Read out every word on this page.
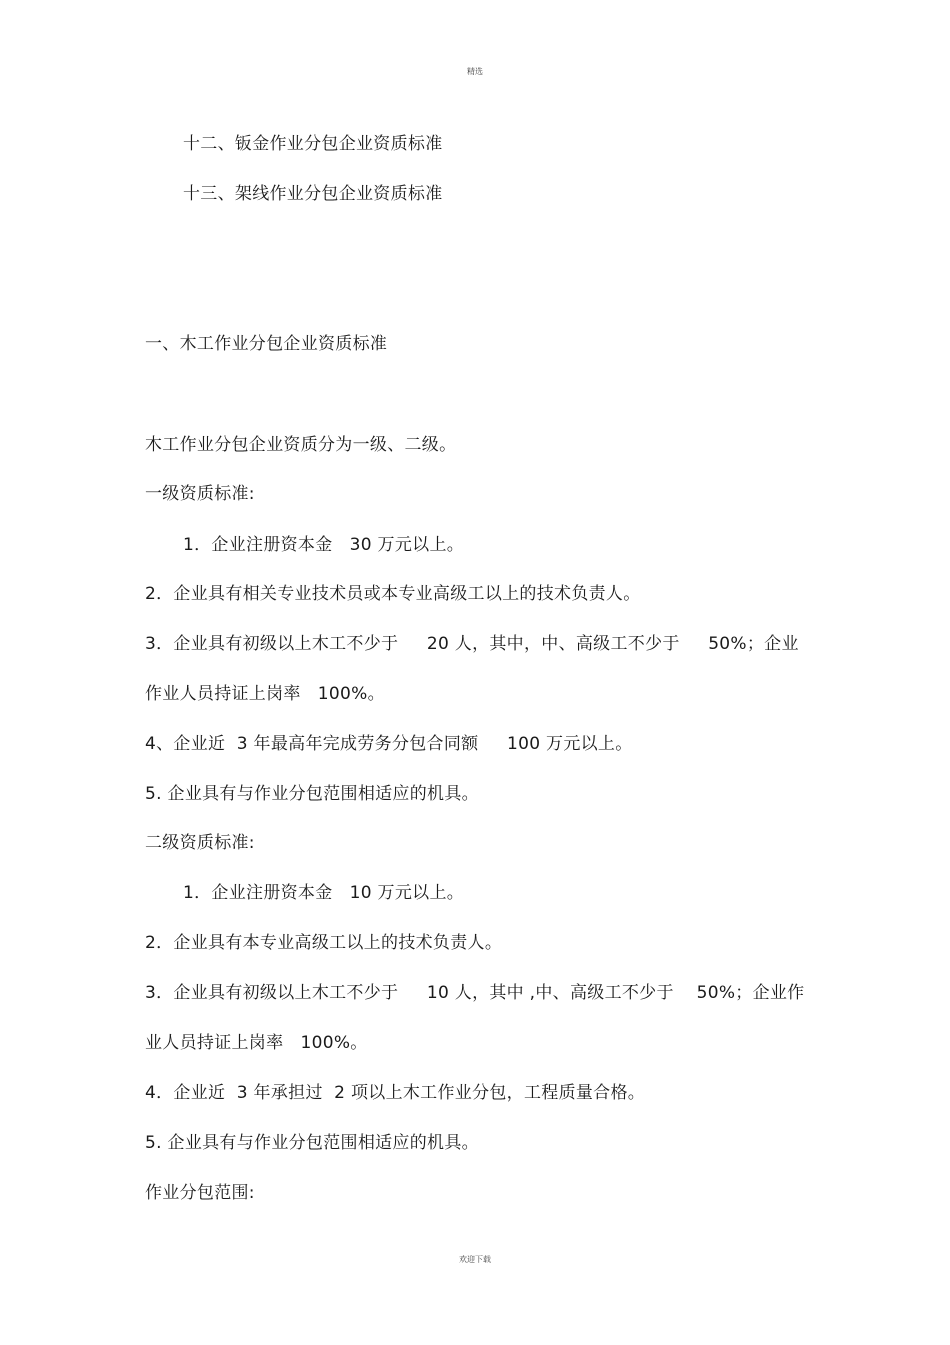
精选
十二、钣金作业分包企业资质标准
十三、架线作业分包企业资质标准
一、木工作业分包企业资质标准
木工作业分包企业资质分为一级、二级。
一级资质标准:
1．企业注册资本金   30 万元以上。
2．企业具有相关专业技术员或本专业高级工以上的技术负责人。
3．企业具有初级以上木工不少于     20 人，其中，中、高级工不少于     50%；企业
作业人员持证上岗率   100%。
4、企业近  3 年最高年完成劳务分包合同额     100 万元以上。
5. 企业具有与作业分包范围相适应的机具。
二级资质标准:
1．企业注册资本金   10 万元以上。
2．企业具有本专业高级工以上的技术负责人。
3．企业具有初级以上木工不少于     10 人，其中 ,中、高级工不少于    50%；企业作
业人员持证上岗率   100%。
4．企业近  3 年承担过  2 项以上木工作业分包，工程质量合格。
5. 企业具有与作业分包范围相适应的机具。
作业分包范围:
欢迎下载
